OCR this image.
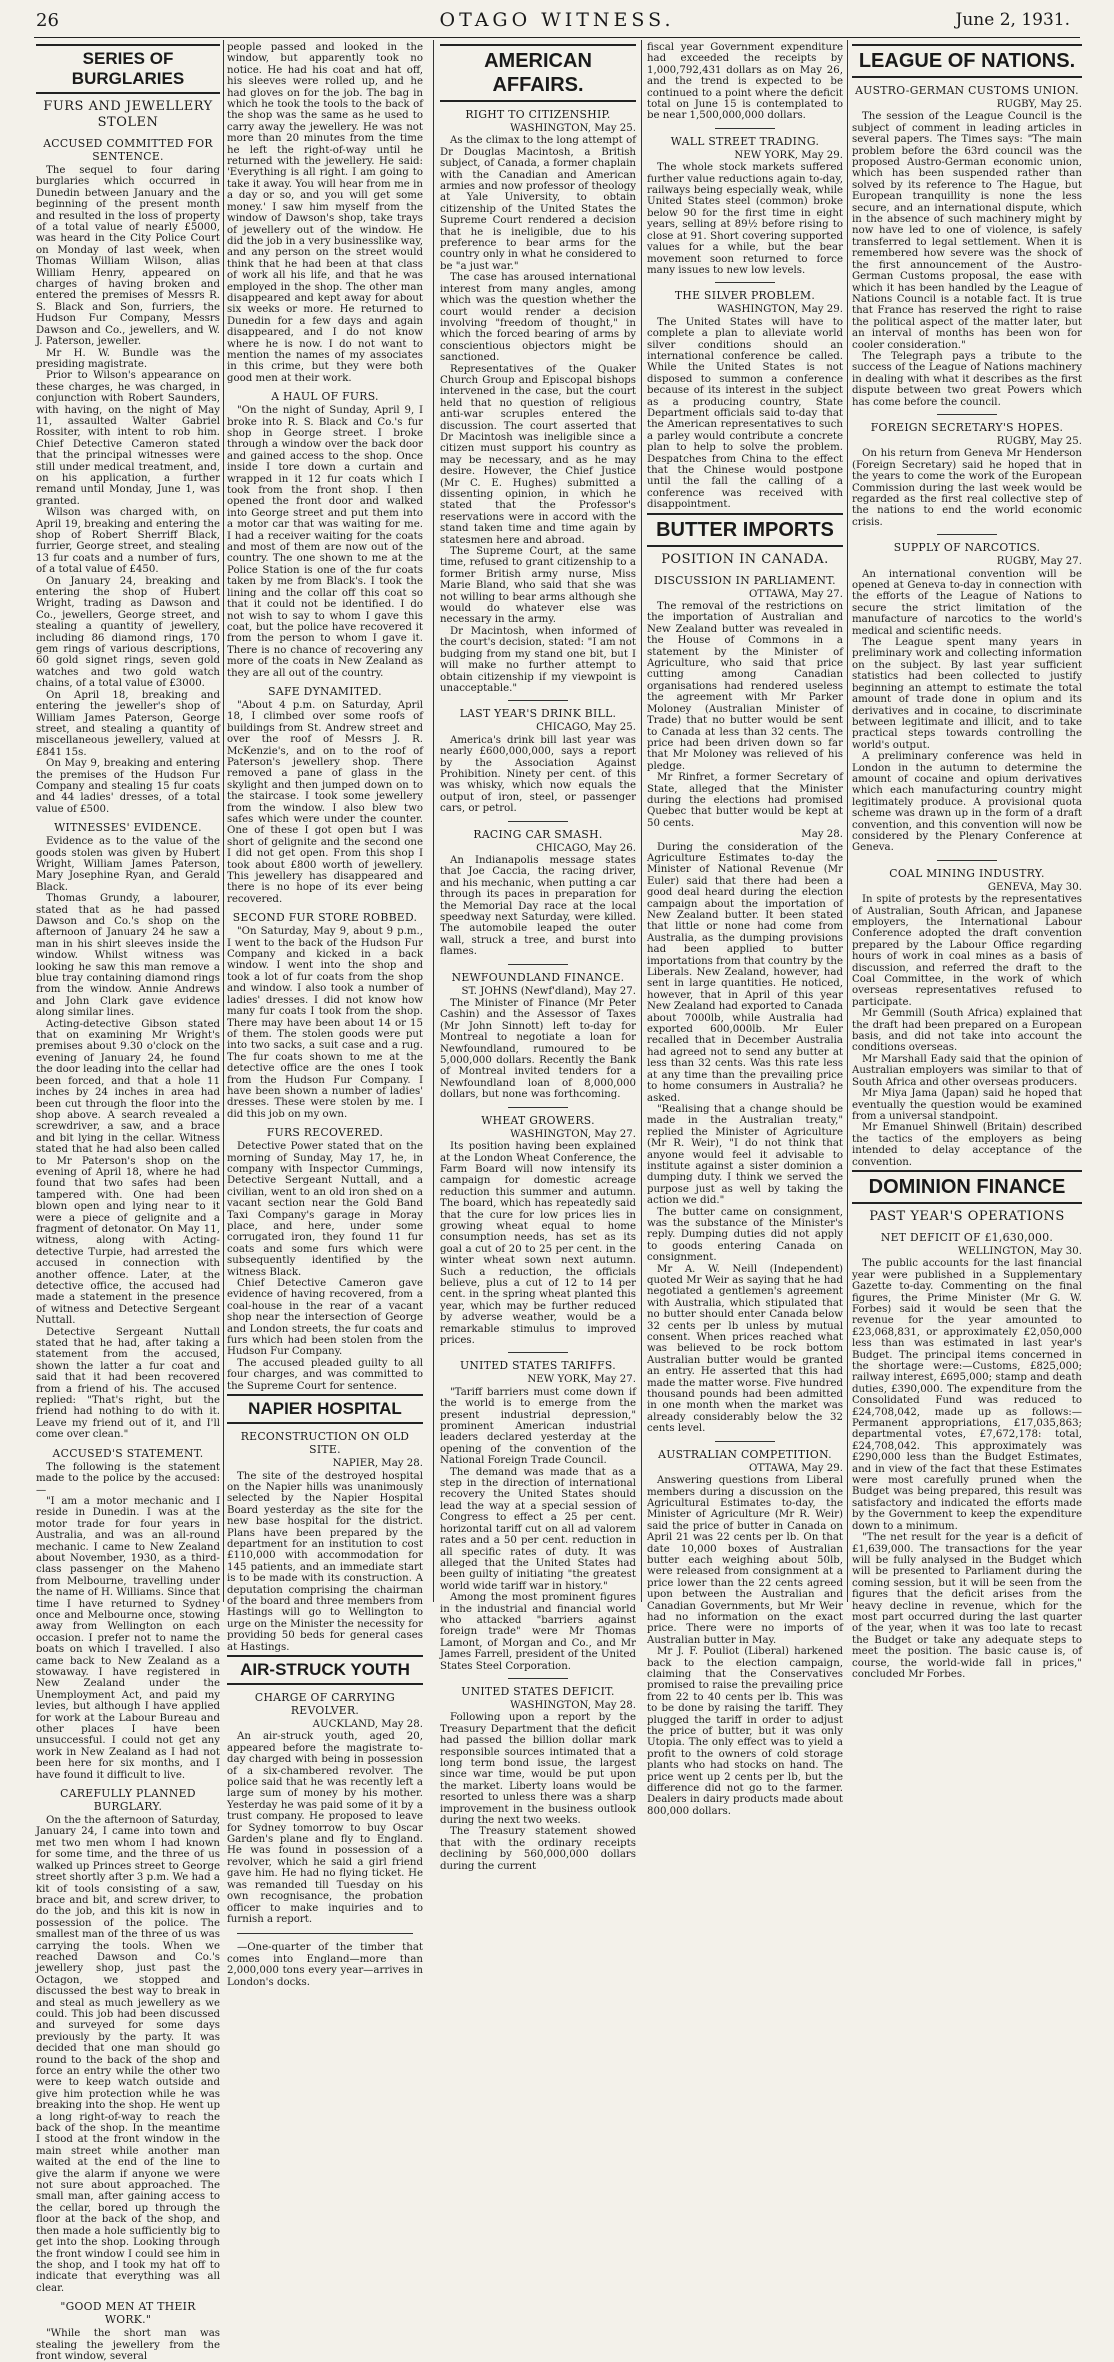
26	OTAGO WITNESS.	June 2, 1931.
SERIES OF BURGLARIES
FURS AND JEWELLERY STOLEN
ACCUSED COMMITTED FOR SENTENCE.

The sequel to four daring burglaries which occurred in Dunedin between January and the beginning of the present month and resulted in the loss of property of a total value of nearly £5000, was heard in the City Police Court on Monday of last week, when Thomas William Wilson, alias William Henry, appeared on charges of having broken and entered the premises of Messrs R. S. Black and Son, furriers, the Hudson Fur Company, Messrs Dawson and Co., jewellers, and W. J. Paterson, jeweller.

Mr H. W. Bundle was the presiding magistrate.

Prior to Wilson's appearance on these charges, he was charged, in conjunction with Robert Saunders, with having, on the night of May 11, assaulted Walter Gabriel Rossiter, with intent to rob him. Chief Detective Cameron stated that the principal witnesses were still under medical treatment, and, on his application, a further remand until Monday, June 1, was granted.

Wilson was charged with, on April 19, breaking and entering the shop of Robert Sherriff Black, furrier, George street, and stealing 13 fur coats and a number of furs, of a total value of £450.

On January 24, breaking and entering the shop of Hubert Wright, trading as Dawson and Co., jewellers, George street, and stealing a quantity of jewellery, including 86 diamond rings, 170 gem rings of various descriptions, 60 gold signet rings, seven gold watches and two gold watch chains, of a total value of £3000.

On April 18, breaking and entering the jeweller's shop of William James Paterson, George street, and stealing a quantity of miscellaneous jewellery, valued at £841 15s.

On May 9, breaking and entering the premises of the Hudson Fur Company and stealing 15 fur coats and 44 ladies' dresses, of a total value of £500.

WITNESSES' EVIDENCE.

Evidence as to the value of the goods stolen was given by Hubert Wright, William James Paterson, Mary Josephine Ryan, and Gerald Black.

Thomas Grundy, a labourer, stated that as he had passed Dawson and Co.'s shop on the afternoon of January 24 he saw a man in his shirt sleeves inside the window. Whilst witness was looking he saw this man remove a blue tray containing diamond rings from the window. Annie Andrews and John Clark gave evidence along similar lines.

Acting-detective Gibson stated that on examining Mr Wright's premises about 9.30 o'clock on the evening of January 24, he found the door leading into the cellar had been forced, and that a hole 11 inches by 24 inches in area had been cut through the floor into the shop above. A search revealed a screwdriver, a saw, and a brace and bit lying in the cellar. Witness stated that he had also been called to Mr Paterson's shop on the evening of April 18, where he had found that two safes had been tampered with. One had been blown open and lying near to it were a piece of gelignite and a fragment of detonator. On May 11, witness, along with Acting-detective Turpie, had arrested the accused in connection with another offence. Later, at the detective office, the accused had made a statement in the presence of witness and Detective Sergeant Nuttall.

Detective Sergeant Nuttall stated that he had, after taking a statement from the accused, shown the latter a fur coat and said that it had been recovered from a friend of his. The accused replied: "That's right, but the friend had nothing to do with it. Leave my friend out of it, and I'll come over clean."

ACCUSED'S STATEMENT.

The following is the statement made to the police by the accused:—

"I am a motor mechanic and I reside in Dunedin. I was at the motor trade for four years in Australia, and was an all-round mechanic. I came to New Zealand about November, 1930, as a third-class passenger on the Maheno from Melbourne, travelling under the name of H. Williams. Since that time I have returned to Sydney once and Melbourne once, stowing away from Wellington on each occasion. I prefer not to name the boats on which I travelled. I also came back to New Zealand as a stowaway. I have registered in New Zealand under the Unemployment Act, and paid my levies, but although I have applied for work at the Labour Bureau and other places I have been unsuccessful. I could not get any work in New Zealand as I had not been here for six months, and I have found it difficult to live.

CAREFULLY PLANNED BURGLARY.

On the the afternoon of Saturday, January 24, I came into town and met two men whom I had known for some time, and the three of us walked up Princes street to George street shortly after 3 p.m. We had a kit of tools consisting of a saw, brace and bit, and screw driver, to do the job, and this kit is now in possession of the police. The smallest man of the three of us was carrying the tools. When we reached Dawson and Co.'s jewellery shop, just past the Octagon, we stopped and discussed the best way to break in and steal as much jewellery as we could. This job had been discussed and surveyed for some days previously by the party. It was decided that one man should go round to the back of the shop and force an entry while the other two were to keep watch outside and give him protection while he was breaking into the shop. He went up a long right-of-way to reach the back of the shop. In the meantime I stood at the front window in the main street while another man waited at the end of the line to give the alarm if anyone we were not sure about approached. The small man, after gaining access to the cellar, bored up through the floor at the back of the shop, and then made a hole sufficiently big to get into the shop. Looking through the front window I could see him in the shop, and I took my hat off to indicate that everything was all clear.

"GOOD MEN AT THEIR WORK."

"While the short man was stealing the jewellery from the front window, several

people passed and looked in the window, but apparently took no notice. He had his coat and hat off, his sleeves were rolled up, and he had gloves on for the job. The bag in which he took the tools to the back of the shop was the same as he used to carry away the jewellery. He was not more than 20 minutes from the time he left the right-of-way until he returned with the jewellery. He said: 'Everything is all right. I am going to take it away. You will hear from me in a day or so, and you will get some money.' I saw him myself from the window of Dawson's shop, take trays of jewellery out of the window. He did the job in a very businesslike way, and any person on the street would think that he had been at that class of work all his life, and that he was employed in the shop. The other man disappeared and kept away for about six weeks or more. He returned to Dunedin for a few days and again disappeared, and I do not know where he is now. I do not want to mention the names of my associates in this crime, but they were both good men at their work.

A HAUL OF FURS.

"On the night of Sunday, April 9, I broke into R. S. Black and Co.'s fur shop in George street. I broke through a window over the back door and gained access to the shop. Once inside I tore down a curtain and wrapped in it 12 fur coats which I took from the front shop. I then opened the front door and walked into George street and put them into a motor car that was waiting for me. I had a receiver waiting for the coats and most of them are now out of the country. The one shown to me at the Police Station is one of the fur coats taken by me from Black's. I took the lining and the collar off this coat so that it could not be identified. I do not wish to say to whom I gave this coat, but the police have recovered it from the person to whom I gave it. There is no chance of recovering any more of the coats in New Zealand as they are all out of the country.

SAFE DYNAMITED.

"About 4 p.m. on Saturday, April 18, I climbed over some roofs of buildings from St. Andrew street and over the roof of Messrs J. R. McKenzie's, and on to the roof of Paterson's jewellery shop. There removed a pane of glass in the skylight and then jumped down on to the staircase. I took some jewellery from the window. I also blew two safes which were under the counter. One of these I got open but I was short of gelignite and the second one I did not get open. From this shop I took about £800 worth of jewellery. This jewellery has disappeared and there is no hope of its ever being recovered.

SECOND FUR STORE ROBBED.

"On Saturday, May 9, about 9 p.m., I went to the back of the Hudson Fur Company and kicked in a back window. I went into the shop and took a lot of fur coats from the shop and window. I also took a number of ladies' dresses. I did not know how many fur coats I took from the shop. There may have been about 14 or 15 of them. The stolen goods were put into two sacks, a suit case and a rug. The fur coats shown to me at the detective office are the ones I took from the Hudson Fur Company. I have been shown a number of ladies' dresses. These were stolen by me. I did this job on my own.

FURS RECOVERED.

Detective Power stated that on the morning of Sunday, May 17, he, in company with Inspector Cummings, Detective Sergeant Nuttall, and a civilian, went to an old iron shed on a vacant section near the Gold Band Taxi Company's garage in Moray place, and here, under some corrugated iron, they found 11 fur coats and some furs which were subsequently identified by the witness Black.

Chief Detective Cameron gave evidence of having recovered, from a coal-house in the rear of a vacant shop near the intersection of George and London streets, the fur coats and furs which had been stolen from the Hudson Fur Company.

The accused pleaded guilty to all four charges, and was committed to the Supreme Court for sentence.

NAPIER HOSPITAL
RECONSTRUCTION ON OLD SITE.
NAPIER, May 28.

The site of the destroyed hospital on the Napier hills was unanimously selected by the Napier Hospital Board yesterday as the site for the new base hospital for the district. Plans have been prepared by the department for an institution to cost £110,000 with accommodation for 145 patients, and an immediate start is to be made with its construction. A deputation comprising the chairman of the board and three members from Hastings will go to Wellington to urge on the Minister the necessity for providing 50 beds for general cases at Hastings.

AIR-STRUCK YOUTH
CHARGE OF CARRYING REVOLVER.
AUCKLAND, May 28.

An air-struck youth, aged 20, appeared before the magistrate to-day charged with being in possession of a six-chambered revolver. The police said that he was recently left a large sum of money by his mother. Yesterday he was paid some of it by a trust company. He proposed to leave for Sydney tomorrow to buy Oscar Garden's plane and fly to England. He was found in possession of a revolver, which he said a girl friend gave him. He had no flying ticket. He was remanded till Tuesday on his own recognisance, the probation officer to make inquiries and to furnish a report.

—One-quarter of the timber that comes into England—more than 2,000,000 tons every year—arrives in London's docks.

AMERICAN AFFAIRS.
RIGHT TO CITIZENSHIP.
WASHINGTON, May 25.

As the climax to the long attempt of Dr Douglas Macintosh, a British subject, of Canada, a former chaplain with the Canadian and American armies and now professor of theology at Yale University, to obtain citizenship of the United States the Supreme Court rendered a decision that he is ineligible, due to his preference to bear arms for the country only in what he considered to be "a just war."

The case has aroused international interest from many angles, among which was the question whether the court would render a decision involving "freedom of thought," in which the forced bearing of arms by conscientious objectors might be sanctioned.

Representatives of the Quaker Church Group and Episcopal bishops intervened in the case, but the court held that no question of religious anti-war scruples entered the discussion. The court asserted that Dr Macintosh was ineligible since a citizen must support his country as may be necessary, and as he may desire. However, the Chief Justice (Mr C. E. Hughes) submitted a dissenting opinion, in which he stated that the Professor's reservations were in accord with the stand taken time and time again by statesmen here and abroad.

The Supreme Court, at the same time, refused to grant citizenship to a former British army nurse, Miss Marie Bland, who said that she was not willing to bear arms although she would do whatever else was necessary in the army.

Dr Macintosh, when informed of the court's decision, stated: "I am not budging from my stand one bit, but I will make no further attempt to obtain citizenship if my viewpoint is unacceptable."

LAST YEAR'S DRINK BILL.
CHICAGO, May 25.

America's drink bill last year was nearly £600,000,000, says a report by the Association Against Prohibition. Ninety per cent. of this was whisky, which now equals the output of iron, steel, or passenger cars, or petrol.

RACING CAR SMASH.
CHICAGO, May 26.

An Indianapolis message states that Joe Caccia, the racing driver, and his mechanic, when putting a car through its paces in preparation for the Memorial Day race at the local speedway next Saturday, were killed. The automobile leaped the outer wall, struck a tree, and burst into flames.

NEWFOUNDLAND FINANCE.
ST. JOHNS (Newf'dland), May 27.

The Minister of Finance (Mr Peter Cashin) and the Assessor of Taxes (Mr John Sinnott) left to-day for Montreal to negotiate a loan for Newfoundland, rumoured to be 5,000,000 dollars. Recently the Bank of Montreal invited tenders for a Newfoundland loan of 8,000,000 dollars, but none was forthcoming.

WHEAT GROWERS.
WASHINGTON, May 27.

Its position having been explained at the London Wheat Conference, the Farm Board will now intensify its campaign for domestic acreage reduction this summer and autumn. The board, which has repeatedly said that the cure for low prices lies in growing wheat equal to home consumption needs, has set as its goal a cut of 20 to 25 per cent. in the winter wheat sown next autumn. Such a reduction, the officials believe, plus a cut of 12 to 14 per cent. in the spring wheat planted this year, which may be further reduced by adverse weather, would be a remarkable stimulus to improved prices.

UNITED STATES TARIFFS.
NEW YORK, May 27.

"Tariff barriers must come down if the world is to emerge from the present industrial depression," prominent American industrial leaders declared yesterday at the opening of the convention of the National Foreign Trade Council.

The demand was made that as a step in the direction of international recovery the United States should lead the way at a special session of Congress to effect a 25 per cent. horizontal tariff cut on all ad valorem rates and a 50 per cent. reduction in all specific rates of duty. It was alleged that the United States had been guilty of initiating "the greatest world wide tariff war in history."

Among the most prominent figures in the industrial and financial world who attacked "barriers against foreign trade" were Mr Thomas Lamont, of Morgan and Co., and Mr James Farrell, president of the United States Steel Corporation.

UNITED STATES DEFICIT.
WASHINGTON, May 28.

Following upon a report by the Treasury Department that the deficit had passed the billion dollar mark responsible sources intimated that a long term bond issue, the largest since war time, would be put upon the market. Liberty loans would be resorted to unless there was a sharp improvement in the business outlook during the next two weeks.

The Treasury statement showed that with the ordinary receipts declining by 560,000,000 dollars during the current

fiscal year Government expenditure had exceeded the receipts by 1,000,792,431 dollars as on May 26, and the trend is expected to be continued to a point where the deficit total on June 15 is contemplated to be near 1,500,000,000 dollars.

WALL STREET TRADING.
NEW YORK, May 29.

The whole stock markets suffered further value reductions again to-day, railways being especially weak, while United States steel (common) broke below 90 for the first time in eight years, selling at 89½ before rising to close at 91. Short covering supported values for a while, but the bear movement soon returned to force many issues to new low levels.

THE SILVER PROBLEM.
WASHINGTON, May 29.

The United States will have to complete a plan to alleviate world silver conditions should an international conference be called. While the United States is not disposed to summon a conference because of its interest in the subject as a producing country, State Department officials said to-day that the American representatives to such a parley would contribute a concrete plan to help to solve the problem. Despatches from China to the effect that the Chinese would postpone until the fall the calling of a conference was received with disappointment.

BUTTER IMPORTS
POSITION IN CANADA.
DISCUSSION IN PARLIAMENT.
OTTAWA, May 27.

The removal of the restrictions on the importation of Australian and New Zealand butter was revealed in the House of Commons in a statement by the Minister of Agriculture, who said that price cutting among Canadian organisations had rendered useless the agreement with Mr Parker Moloney (Australian Minister of Trade) that no butter would be sent to Canada at less than 32 cents. The price had been driven down so far that Mr Moloney was relieved of his pledge.

Mr Rinfret, a former Secretary of State, alleged that the Minister during the elections had promised Quebec that butter would be kept at 50 cents.

May 28.

During the consideration of the Agriculture Estimates to-day the Minister of National Revenue (Mr Euler) said that there had been a good deal heard during the election campaign about the importation of New Zealand butter. It been stated that little or none had come from Australia, as the dumping provisions had been applied to butter importations from that country by the Liberals. New Zealand, however, had sent in large quantities. He noticed, however, that in April of this year New Zealand had exported to Canada about 7000lb, while Australia had exported 600,000lb. Mr Euler recalled that in December Australia had agreed not to send any butter at less than 32 cents. Was this rate less at any time than the prevailing price to home consumers in Australia? he asked.

"Realising that a change should be made in the Australian treaty," replied the Minister of Agriculture (Mr R. Weir), "I do not think that anyone would feel it advisable to institute against a sister dominion a dumping duty. I think we served the purpose just as well by taking the action we did."

The butter came on consignment, was the substance of the Minister's reply. Dumping duties did not apply to goods entering Canada on consignment.

Mr A. W. Neill (Independent) quoted Mr Weir as saying that he had negotiated a gentlemen's agreement with Australia, which stipulated that no butter should enter Canada below 32 cents per lb unless by mutual consent. When prices reached what was believed to be rock bottom Australian butter would be granted an entry. He asserted that this had made the matter worse. Five hundred thousand pounds had been admitted in one month when the market was already considerably below the 32 cents level.

AUSTRALIAN COMPETITION.
OTTAWA, May 29.

Answering questions from Liberal members during a discussion on the Agricultural Estimates to-day, the Minister of Agriculture (Mr R. Weir) said the price of butter in Canada on April 21 was 22 cents per lb. On that date 10,000 boxes of Australian butter each weighing about 50lb, were released from consignment at a price lower than the 22 cents agreed upon between the Australian and Canadian Governments, but Mr Weir had no information on the exact price. There were no imports of Australian butter in May.

Mr J. F. Pouliot (Liberal) harkened back to the election campaign, claiming that the Conservatives promised to raise the prevailing price from 22 to 40 cents per lb. This was to be done by raising the tariff. They plugged the tariff in order to adjust the price of butter, but it was only Utopia. The only effect was to yield a profit to the owners of cold storage plants who had stocks on hand. The price went up 2 cents per lb, but the difference did not go to the farmer. Dealers in dairy products made about 800,000 dollars.

LEAGUE OF NATIONS.
AUSTRO-GERMAN CUSTOMS UNION.
RUGBY, May 25.

The session of the League Council is the subject of comment in leading articles in several papers. The Times says: "The main problem before the 63rd council was the proposed Austro-German economic union, which has been suspended rather than solved by its reference to The Hague, but European tranquillity is none the less secure, and an international dispute, which in the absence of such machinery might by now have led to one of violence, is safely transferred to legal settlement. When it is remembered how severe was the shock of the first announcement of the Austro-German Customs proposal, the ease with which it has been handled by the League of Nations Council is a notable fact. It is true that France has reserved the right to raise the political aspect of the matter later, but an interval of months has been won for cooler consideration."

The Telegraph pays a tribute to the success of the League of Nations machinery in dealing with what it describes as the first dispute between two great Powers which has come before the council.

FOREIGN SECRETARY'S HOPES.
RUGBY, May 25.

On his return from Geneva Mr Henderson (Foreign Secretary) said he hoped that in the years to come the work of the European Commission during the last week would be regarded as the first real collective step of the nations to end the world economic crisis.

SUPPLY OF NARCOTICS.
RUGBY, May 27.

An international convention will be opened at Geneva to-day in connection with the efforts of the League of Nations to secure the strict limitation of the manufacture of narcotics to the world's medical and scientific needs.

The League spent many years in preliminary work and collecting information on the subject. By last year sufficient statistics had been collected to justify beginning an attempt to estimate the total amount of trade done in opium and its derivatives and in cocaine, to discriminate between legitimate and illicit, and to take practical steps towards controlling the world's output.

A preliminary conference was held in London in the autumn to determine the amount of cocaine and opium derivatives which each manufacturing country might legitimately produce. A provisional quota scheme was drawn up in the form of a draft convention, and this convention will now be considered by the Plenary Conference at Geneva.

COAL MINING INDUSTRY.
GENEVA, May 30.

In spite of protests by the representatives of Australian, South African, and Japanese employers, the International Labour Conference adopted the draft convention prepared by the Labour Office regarding hours of work in coal mines as a basis of discussion, and referred the draft to the Coal Committee, in the work of which overseas representatives refused to participate.

Mr Gemmill (South Africa) explained that the draft had been prepared on a European basis, and did not take into account the conditions overseas.

Mr Marshall Eady said that the opinion of Australian employers was similar to that of South Africa and other overseas producers.

Mr Miya Jama (Japan) said he hoped that eventually the question would be examined from a universal standpoint.

Mr Emanuel Shinwell (Britain) described the tactics of the employers as being intended to delay acceptance of the convention.

DOMINION FINANCE
PAST YEAR'S OPERATIONS
NET DEFICIT OF £1,630,000.
WELLINGTON, May 30.

The public accounts for the last financial year were published in a Supplementary Gazette to-day. Commenting on the final figures, the Prime Minister (Mr G. W. Forbes) said it would be seen that the revenue for the year amounted to £23,068,831, or approximately £2,050,000 less than was estimated in last year's Budget. The principal items concerned in the shortage were:—Customs, £825,000; railway interest, £695,000; stamp and death duties, £390,000. The expenditure from the Consolidated Fund was reduced to £24,708,042, made up as follows:—Permanent appropriations, £17,035,863; departmental votes, £7,672,178: total, £24,708,042. This approximately was £290,000 less than the Budget Estimates, and in view of the fact that these Estimates were most carefully pruned when the Budget was being prepared, this result was satisfactory and indicated the efforts made by the Government to keep the expenditure down to a minimum.

"The net result for the year is a deficit of £1,639,000. The transactions for the year will be fully analysed in the Budget which will be presented to Parliament during the coming session, but it will be seen from the figures that the deficit arises from the heavy decline in revenue, which for the most part occurred during the last quarter of the year, when it was too late to recast the Budget or take any adequate steps to meet the position. The basic cause is, of course, the world-wide fall in prices," concluded Mr Forbes.
